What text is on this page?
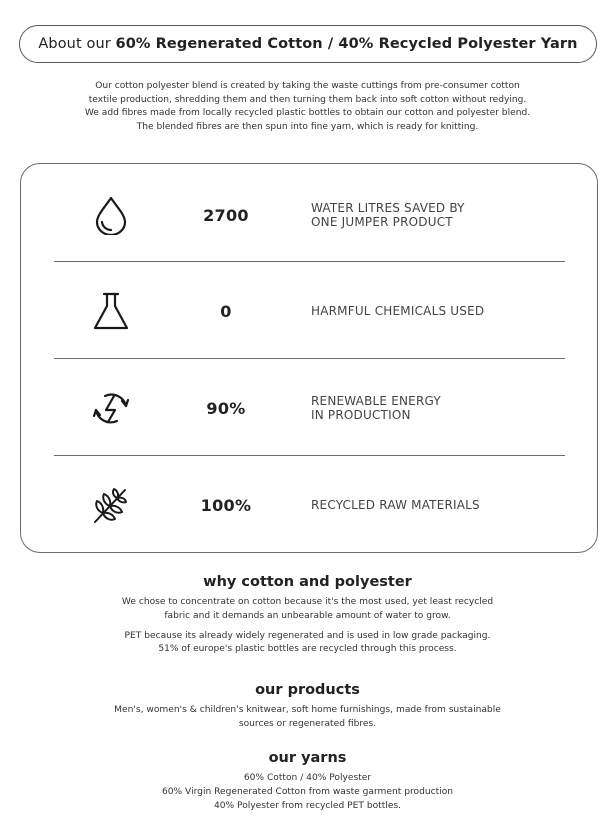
About our
60% Regenerated Cotton / 40% Recycled Polyester Yarn

Our cotton polyester blend is created by taking the waste cuttings from pre-consumer cotton

textile production, shredding them and then turning them back into soft cotton without redying.

We add fibres made from locally recycled plastic bottles to obtain our cotton and polyester blend.

The blended fibres are then spun into fine yarn, which is ready for knitting.

2700	WATER LITRES SAVED BY
ONE JUMPER PRODUCT
0	HARMFUL CHEMICALS USED
90%	RENEWABLE ENERGY
IN PRODUCTION
100%	RECYCLED RAW MATERIALS
why cotton and polyester

We chose to concentrate on cotton because it's the most used, yet least recycled

fabric and it demands an unbearable amount of water to grow.

PET because its already widely regenerated and is used in low grade packaging.

51% of europe's plastic bottles are recycled through this process.

our products

Men's, women's & children's knitwear, soft home furnishings, made from sustainable

sources or regenerated fibres.

our yarns

60% Cotton / 40% Polyester

60% Virgin Regenerated Cotton from waste garment production

40% Polyester from recycled PET bottles.
